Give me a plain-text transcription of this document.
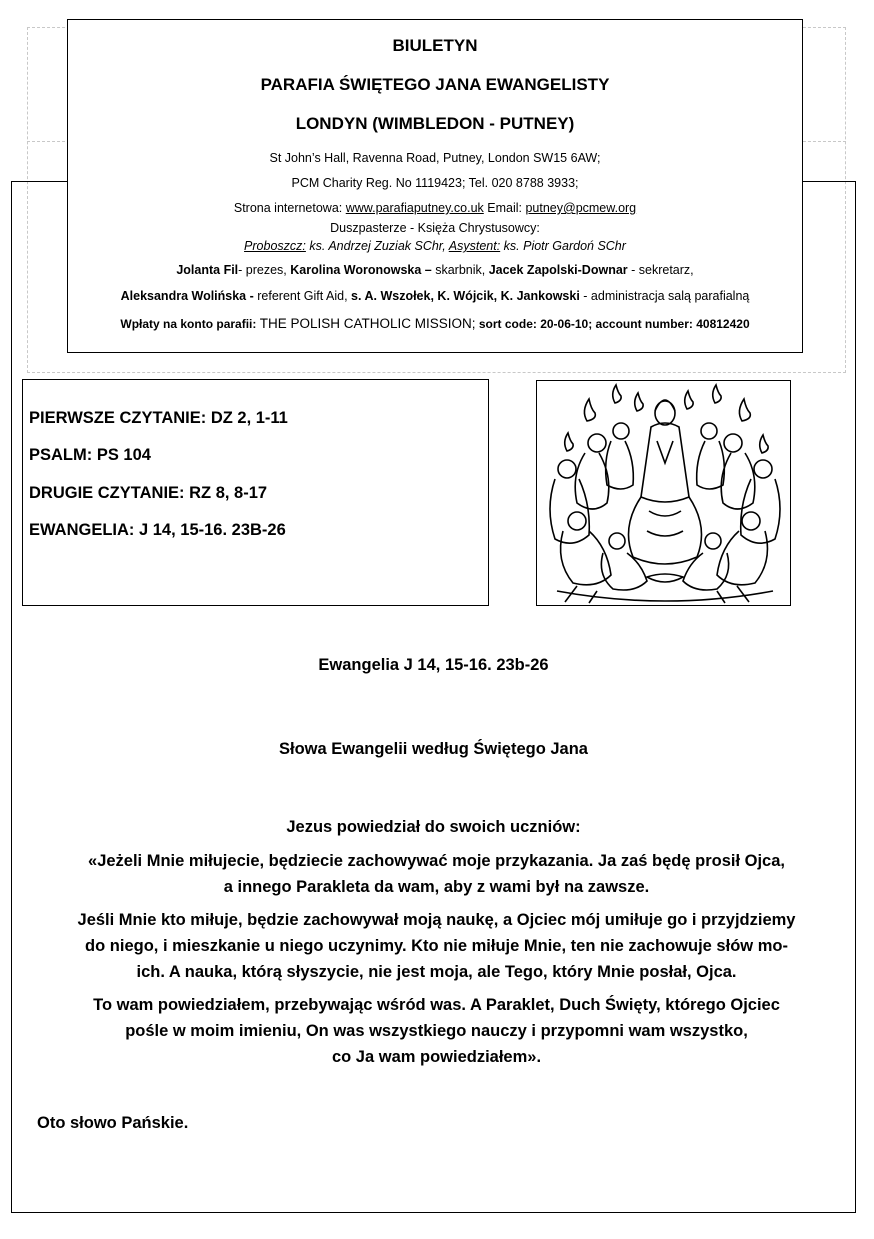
BIULETYN
PARAFIA ŚWIĘTEGO JANA EWANGELISTY
LONDYN (WIMBLEDON - PUTNEY)
St John’s Hall, Ravenna Road, Putney, London SW15 6AW;
PCM Charity Reg. No 1119423; Tel. 020 8788 3933;
Strona internetowa: www.parafiaputney.co.uk Email: putney@pcmew.org
Duszpasterze - Księża Chrystusowcy:
Proboszcz: ks. Andrzej Zuziak SChr, Asystent: ks. Piotr Gardoń SChr
Jolanta Fil- prezes, Karolina Woronowska – skarbnik, Jacek Zapolski-Downar - sekretarz,
Aleksandra Wolińska - referent Gift Aid, s. A. Wszołek, K. Wójcik, K. Jankowski - administracja salą parafialną
Wpłaty na konto parafii: THE POLISH CATHOLIC MISSION; sort code: 20-06-10; account number: 40812420
PIERWSZE CZYTANIE: DZ 2, 1-11
PSALM: PS 104
DRUGIE CZYTANIE: RZ 8, 8-17
EWANGELIA: J 14, 15-16. 23B-26
Ewangelia J 14, 15-16. 23b-26
Słowa Ewangelii według Świętego Jana
Jezus powiedział do swoich uczniów:
«Jeżeli Mnie miłujecie, będziecie zachowywać moje przykazania. Ja zaś będę prosił Ojca,
a innego Parakleta da wam, aby z wami był na zawsze.
Jeśli Mnie kto miłuje, będzie zachowywał moją naukę, a Ojciec mój umiłuje go i przyjdziemy
do niego, i mieszkanie u niego uczynimy. Kto nie miłuje Mnie, ten nie zachowuje słów mo-
ich. A nauka, którą słyszycie, nie jest moja, ale Tego, który Mnie posłał, Ojca.
To wam powiedziałem, przebywając wśród was. A Paraklet, Duch Święty, którego Ojciec
pośle w moim imieniu, On was wszystkiego nauczy i przypomni wam wszystko,
co Ja wam powiedziałem».
Oto słowo Pańskie.
